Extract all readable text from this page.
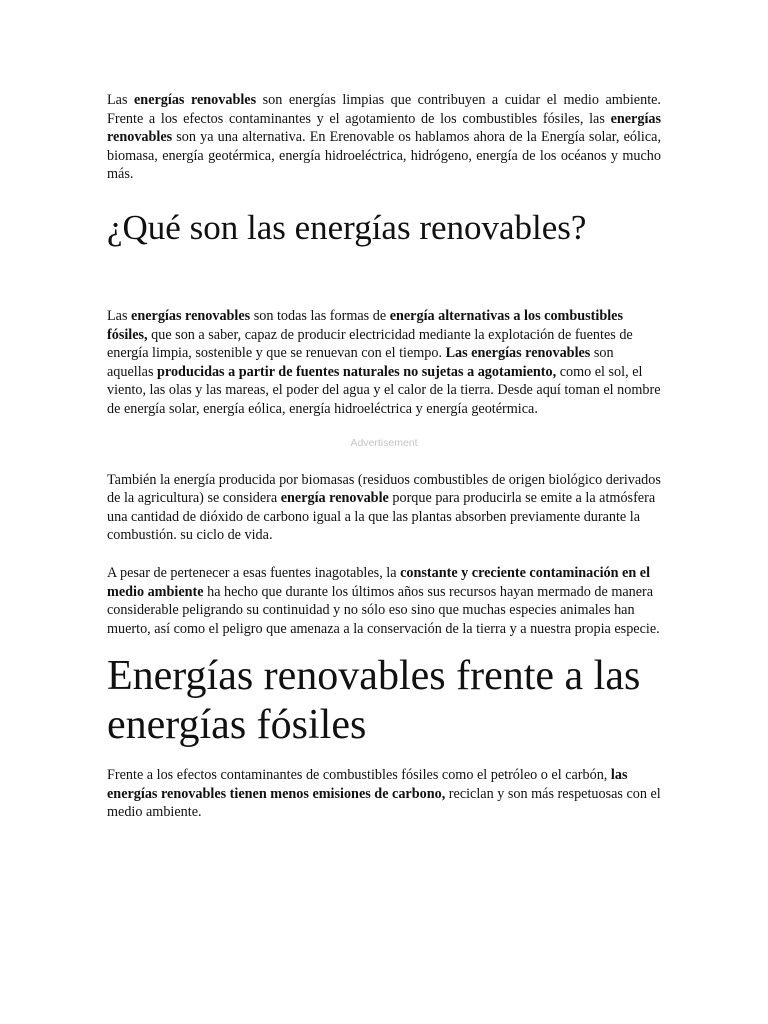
Las energías renovables son energías limpias que contribuyen a cuidar el medio ambiente. Frente a los efectos contaminantes y el agotamiento de los combustibles fósiles, las energías renovables son ya una alternativa. En Erenovable os hablamos ahora de la Energía solar, eólica, biomasa, energía geotérmica, energía hidroeléctrica, hidrógeno, energía de los océanos y mucho más.

¿Qué son las energías renovables?

Las energías renovables son todas las formas de energía alternativas a los combustibles fósiles, que son a saber, capaz de producir electricidad mediante la explotación de fuentes de energía limpia, sostenible y que se renuevan con el tiempo. Las energías renovables son aquellas producidas a partir de fuentes naturales no sujetas a agotamiento, como el sol, el viento, las olas y las mareas, el poder del agua y el calor de la tierra. Desde aquí toman el nombre de energía solar, energía eólica, energía hidroeléctrica y energía geotérmica.

Advertisement

También la energía producida por biomasas (residuos combustibles de origen biológico derivados de la agricultura) se considera energía renovable porque para producirla se emite a la atmósfera una cantidad de dióxido de carbono igual a la que las plantas absorben previamente durante la combustión. su ciclo de vida.

A pesar de pertenecer a esas fuentes inagotables, la constante y creciente contaminación en el medio ambiente ha hecho que durante los últimos años sus recursos hayan mermado de manera considerable peligrando su continuidad y no sólo eso sino que muchas especies animales han muerto, así como el peligro que amenaza a la conservación de la tierra y a nuestra propia especie.

Energías renovables frente a las energías fósiles

Frente a los efectos contaminantes de combustibles fósiles como el petróleo o el carbón, las energías renovables tienen menos emisiones de carbono, reciclan y son más respetuosas con el medio ambiente.
